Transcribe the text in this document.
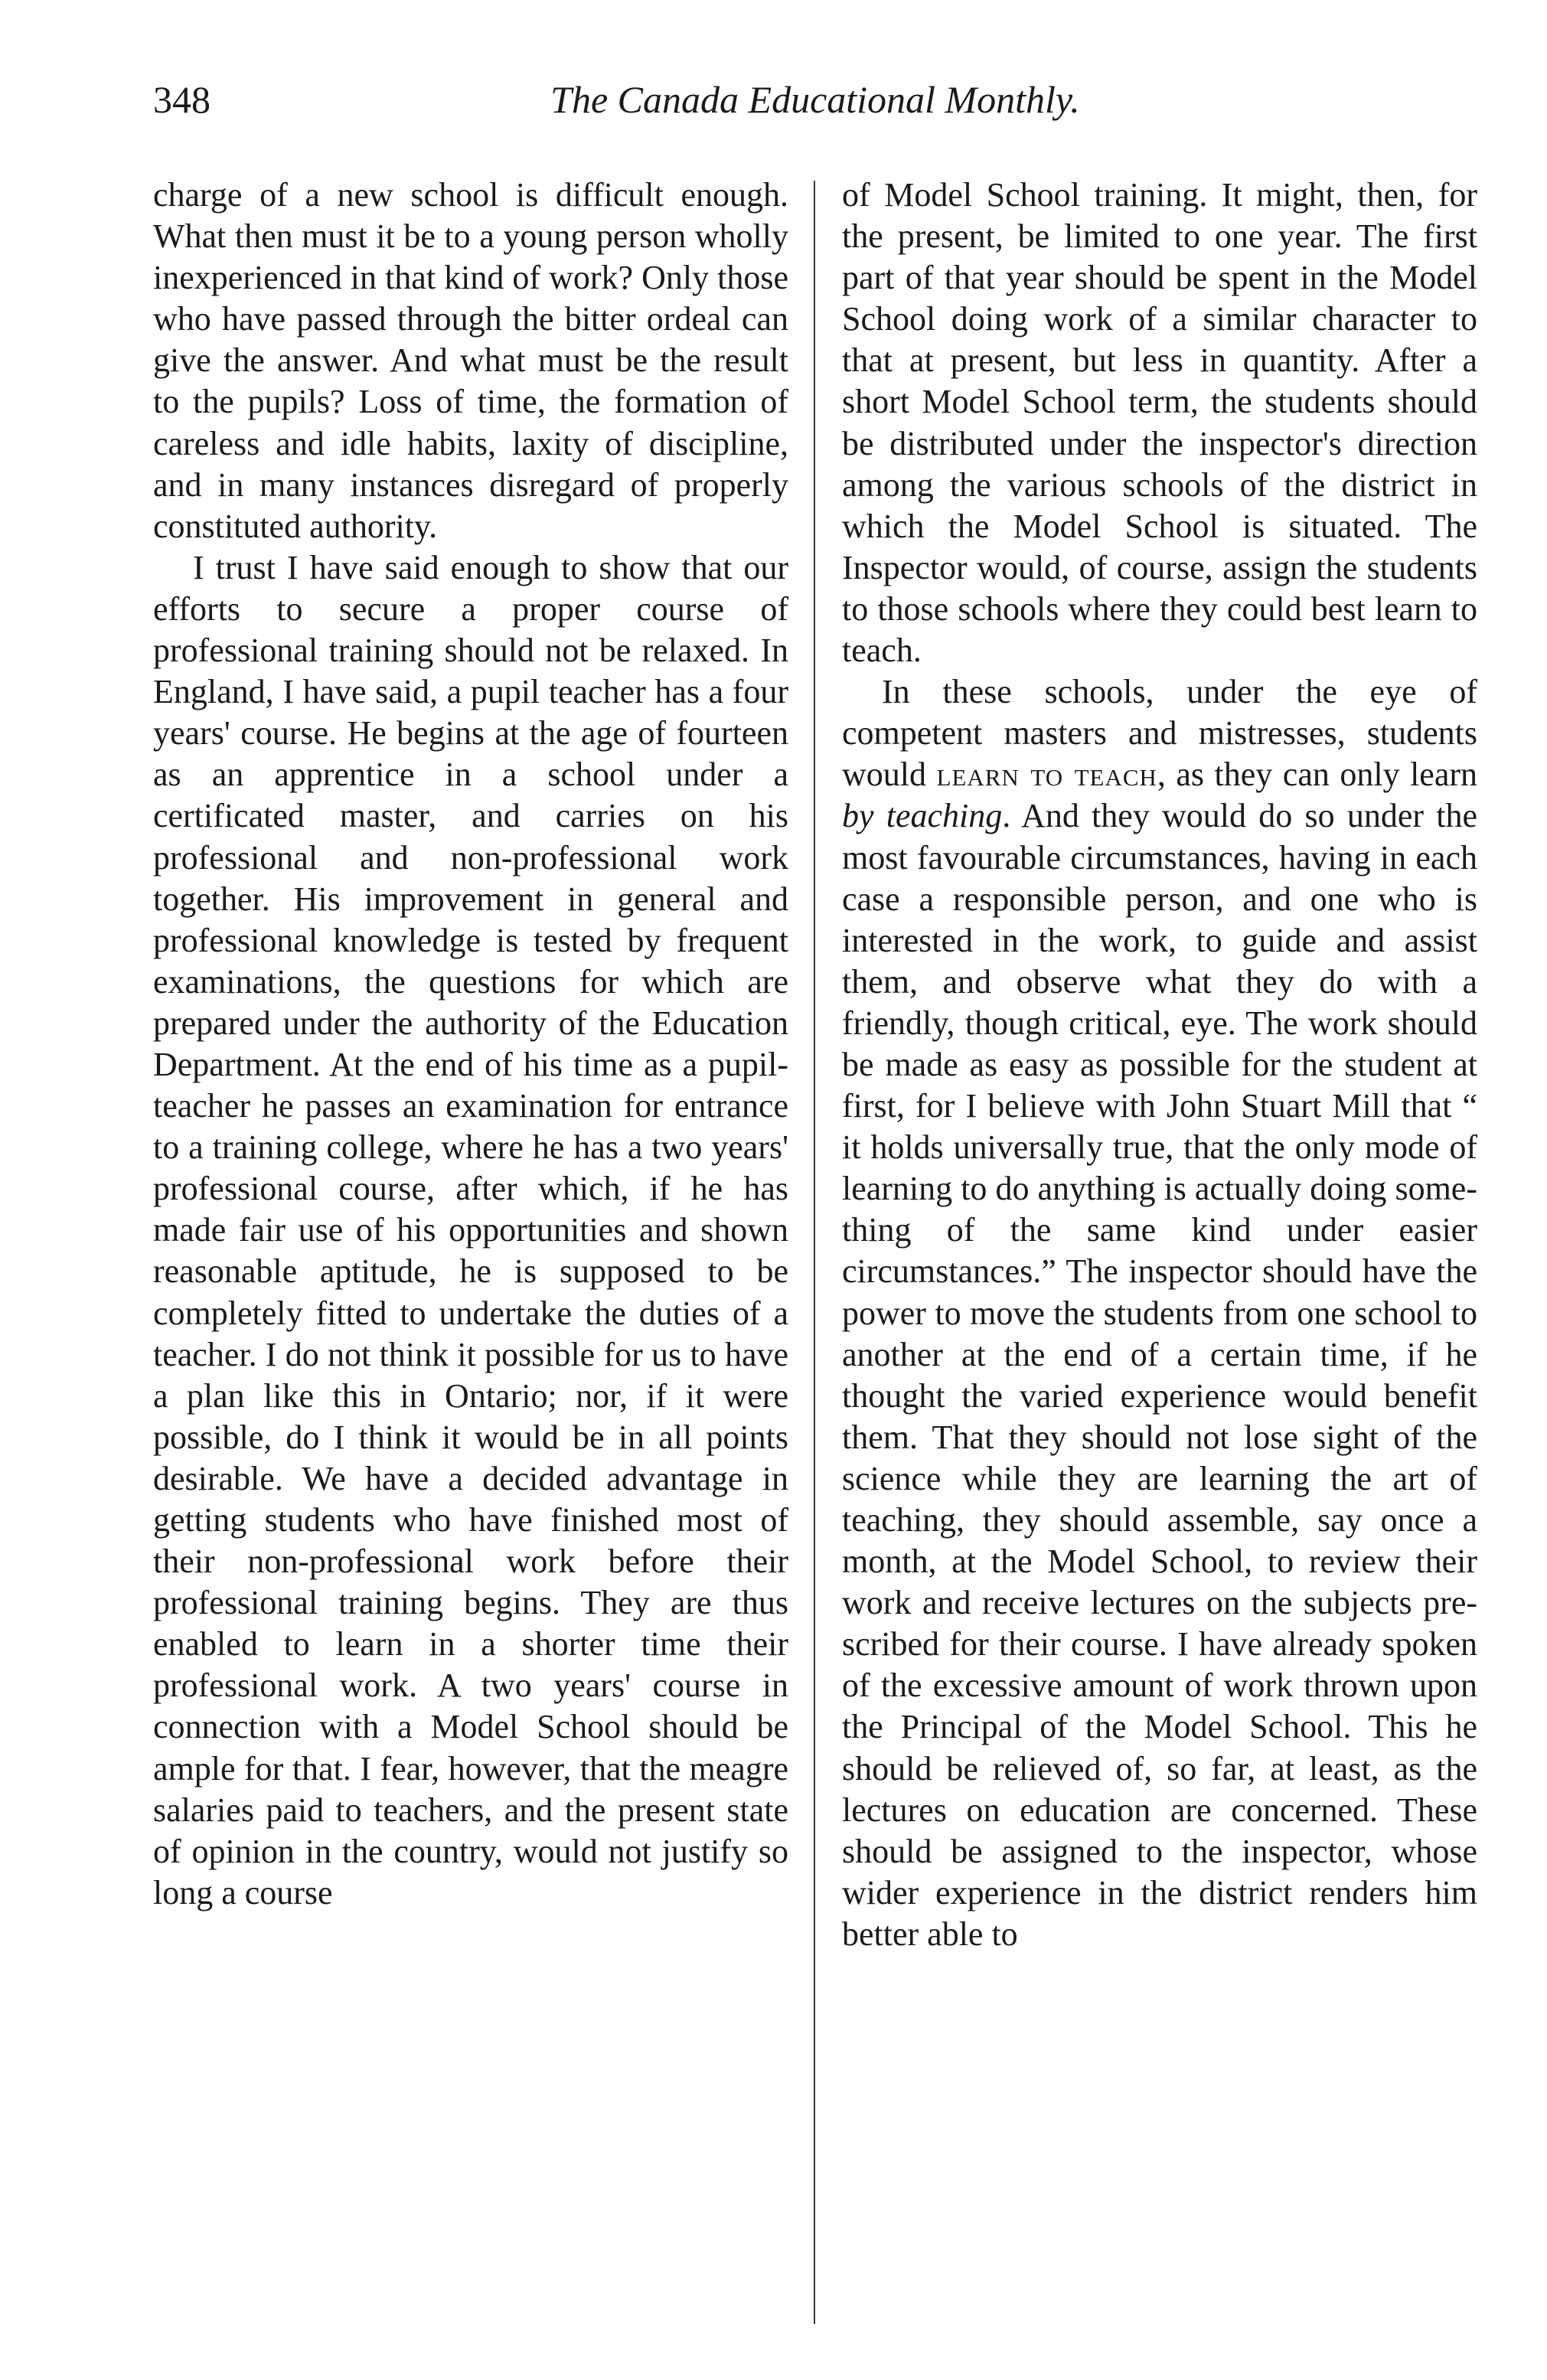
348	The Canada Educational Monthly.

charge of a new school is difficult enough. What then must it be to a young person wholly inexperienced in that kind of work? Only those who have passed through the bitter ordeal can give the answer. And what must be the result to the pupils? Loss of time, the formation of careless and idle habits, laxity of discipline, and in many instances disregard of properly constituted authority.

I trust I have said enough to show that our efforts to secure a proper course of professional training should not be relaxed. In England, I have said, a pupil teacher has a four years' course. He begins at the age of fourteen as an apprentice in a school under a certificated master, and carries on his professional and non-professional work together. His improvement in general and professional knowledge is tested by frequent examinations, the questions for which are prepared under the authority of the Education Department. At the end of his time as a pupil-teacher he passes an examination for entrance to a training college, where he has a two years' professional course, after which, if he has made fair use of his opportunities and shown reasonable aptitude, he is supposed to be completely fitted to undertake the duties of a teacher. I do not think it possible for us to have a plan like this in Ontario; nor, if it were possible, do I think it would be in all points desirable. We have a decided advantage in getting students who have finished most of their non-professional work before their professional training begins. They are thus enabled to learn in a shorter time their professional work. A two years' course in connection with a Model School should be ample for that. I fear, however, that the meagre salaries paid to teachers, and the present state of opinion in the country, would not justify so long a course

of Model School training. It might, then, for the present, be limited to one year. The first part of that year should be spent in the Model School doing work of a similar character to that at present, but less in quantity. After a short Model School term, the students should be distributed under the inspector's direction among the various schools of the district in which the Model School is situated. The Inspector would, of course, assign the students to those schools where they could best learn to teach.

In these schools, under the eye of competent masters and mistresses, students would learn to teach, as they can only learn by teaching. And they would do so under the most favourable circumstances, having in each case a responsible person, and one who is interested in the work, to guide and assist them, and observe what they do with a friendly, though critical, eye. The work should be made as easy as possible for the student at first, for I believe with John Stuart Mill that “ it holds universally true, that the only mode of learning to do anything is actually doing something of the same kind under easier circumstances.” The inspector should have the power to move the students from one school to another at the end of a certain time, if he thought the varied experience would benefit them. That they should not lose sight of the science while they are learning the art of teaching, they should assemble, say once a month, at the Model School, to review their work and receive lectures on the subjects prescribed for their course. I have already spoken of the excessive amount of work thrown upon the Principal of the Model School. This he should be relieved of, so far, at least, as the lectures on education are concerned. These should be assigned to the inspector, whose wider experience in the district renders him better able to
